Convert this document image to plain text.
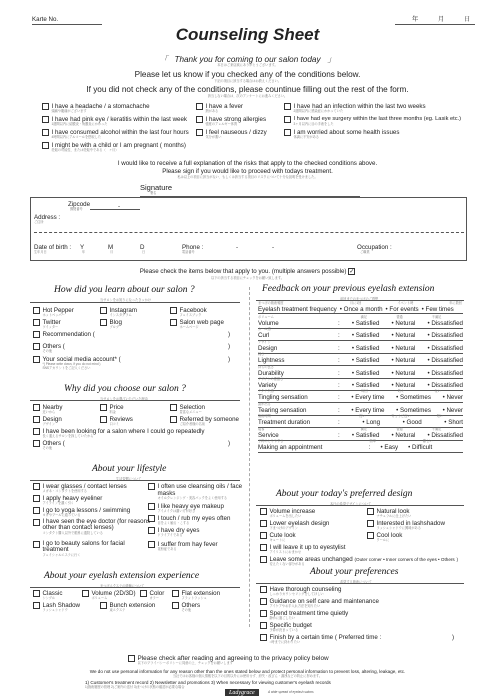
Karte No.	年	月	日
Counseling Sheet
「   Thank you for coming to our salon today   」
本日はご来店誠にありがとうございます。
Please let us know if you checked any of the conditions below.
下記の項目に該当する場合はお教えください。
If you did not check any of the conditions, please countinue filling out the rest of the form.
該当しない場合は、次のアンケートにお進みください。
I have a headache / a stomachache
頭痛や腹痛がございます
I have a fever
熱がある
I have had an infection within the last two weeks
2週間以内に感染症にかかっていた
I have had pink eye / keratitis within the last week
1週間以内に結膜炎・角膜炎にかかった
I have strong allergies
強度のアレルギー体質
I have had eye surgery within the last three months (eg. Lasik etc.)
3ヶ月以内に目の手術をした
I have consumed alcohol within the last four hours
4時間以内にアルコールを摂取した
I feel nauseous / dizzy
気分が悪い
I am worried about some health issues
体調に不安がある
I might be with a child or I am pregnant ( months)
妊娠の可能性、または妊娠中である（　ヶ月）
I would like to receive a full explanation of the risks that apply to the checked conditions above.
Please sign if you would like to proceed with todays treatment.
私は以上の項目に該当がない、もしくは該当する項目のリスクについて十分な説明を受けました。
Signature
署名
Zipcode
郵便番号	-
Address :
ご住所
Date of birth :
生年月日
Y	M	D
年	月	日
Phone :
電話番号
-	-	Occupation :
ご職業
Please check the items below that apply to you. (multiple answers possible) ✓
以下の該当する項目にチェックをお願い致します。
How did you learn about our salon ?
当サロンをお知りになったきっかけ
Hot Pepper
ホットペッパー
Instagram
インスタグラム
Facebook
フェイスブック
Twitter
ツイッター
Blog
ブログ
Salon web page
ホームページ
Recommendation (	)
Others (
その他
)
Your social media account* (
*( Please write down, if you do not mind )
SNSアカウントをご記入ください
)
Why did you choose our salon ?
当サロンをお選びいただいた理由
Nearby
近いから
Price
料金
Selection
豊富なメニュー
Design
デザイン
Reviews
口コミ
Referred by someone
ご紹介者様の名前
I have been looking for a salon where I could go repeatedly
長く通えるサロンを探していたから
Others (
その他
)
About your lifestyle
生活習慣について
I wear glasses / contact lenses
メガネ・コンタクトを使用する
I often use cleansing oils / face masks
オイルクレンジング・美容パックをよく使用する
I apply heavy eyeliner
アイラインを濃く引く	I like heavy eye makeup
アイメイクは濃い方が好き
I go to yoga lessons / swimming
ヨガやプールに通っている	I touch / rub my eyes often
目をよく触る・こする
I have seen the eye doctor (for reasons other than contact lenses)
コンタクト購入以外で眼科に通院している	I have dry eyes
ドライアイである
I go to beauty salons for facial treatment
フェイシャルエステに行く
I suffer from hay fever
花粉症である
About your eyelash extension experience
まつげエクステの経験について
Classic
シングル
Volume (2D/3D)
ボリューム
Color
カラー
Flat extension
フラットラッシュ
Lash Shadow
ラッシュシャドウ
Bunch extension
束エクステ
Others
その他
Feedback on your previous eyelash extension
前回までのまつげのご感想
まつげの施術頻度	月に1回	イベント時	年に数回
Eyelash treatment frequency • Once a month • For events • Few times
ボリューム	満足	普通	不満足
Volume	: • Satisfied • Netural • Dissatisfied
カール感
Curl	: • Satisfied • Netural • Dissatisfied
デザイン
Design	: • Satisfied • Netural • Dissatisfied
軽さ
Lightness	: • Satisfied • Netural • Dissatisfied
持ちの良さ
Durability	: • Satisfied • Netural • Dissatisfied
デザインの豊富さ
Variety	: • Satisfied • Netural • Dissatisfied
チクチク感	毎回	時々	ない
Tingling sensation	: • Every time • Sometimes • Never
涙が出る
Tearing sensation	: • Every time • Sometimes • Never
施術時間	長い	ちょうど良い	短い
Treatment duration	:	• Long	• Good	• Short
接客	満足	普通	不満足
Service	: • Satisfied • Netural • Dissatisfied
予約のとりやすさ	簡単	難しい
Making an appointment	: • Easy • Difficult
About your today's preferred design
本日の希望デザインについて
Volume increase
ボリュームを出したい
Natural look
ナチュラルに仕上げたい
Lower eyelash design
下まつげのデザイン
Interested in lashshadow
ラッシュシャドウに興味がある
Cute look
キュートに
Cool look
クールに
I will leave it up to eyestylist
アイリストにおまかせ
Leave some areas unchanged (Outer corner • Inner corners of the eyes • Others )
変えたくない部分がある
About your preferences
希望する施術について
Have thorough counseling
しっかりカウンセリングをしてほしい
Guidance on self care and maintenance
アイケアやお手入れ方法を知りたい
Spend treatment time quietly
静かに過ごしたい
Specific budget
予算が決まっている
Finish by a certain time ( Preferred time :
○時までに終わりたい
)
Please check after reading and agreeing to the privacy policy below
以下のプライバシーポリシーに同意の上、チェックをお願いします
We do not use personal information for any reason other than the ones stated below and protect personal information to prevent loss, altering, leakage, etc.
当社ではお客様の個人情報を以下の目的以外には使用せず、紛失・改ざん・漏洩などの防止に努めます。
1) Customer's treatment record 2) Newsletter and promotions 3) When necessary for viewing customer's eyelash records
1)施術履歴の管理 2)ご案内の送付 3)まつげの状態の確認が必要な場合
Ladygrace	A wide spread of eyelash salons
